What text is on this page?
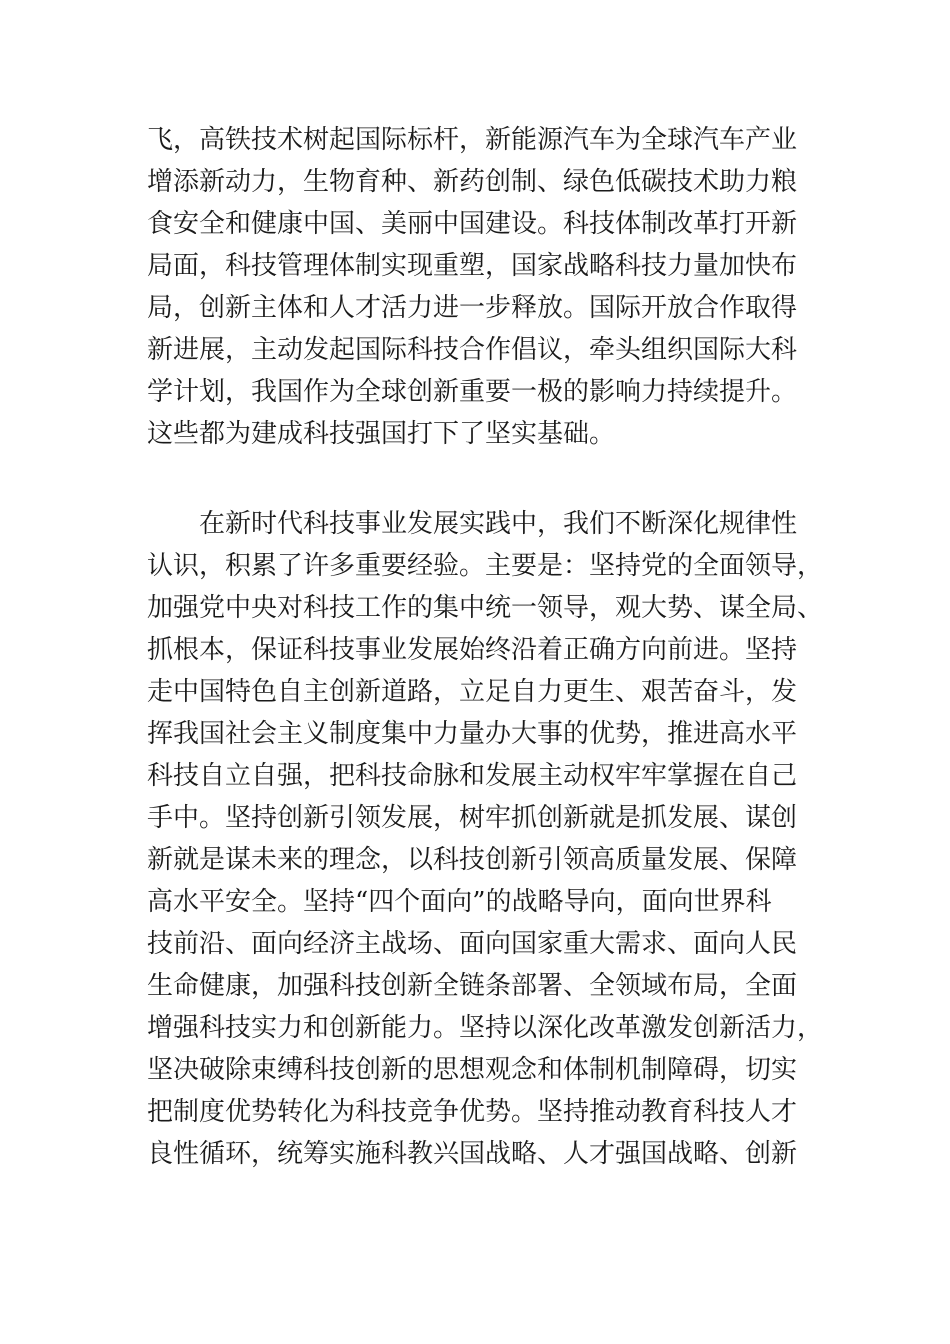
飞，高铁技术树起国际标杆，新能源汽车为全球汽车产业
增添新动力，生物育种、新药创制、绿色低碳技术助力粮
食安全和健康中国、美丽中国建设。科技体制改革打开新
局面，科技管理体制实现重塑，国家战略科技力量加快布
局，创新主体和人才活力进一步释放。国际开放合作取得
新进展，主动发起国际科技合作倡议，牵头组织国际大科
学计划，我国作为全球创新重要一极的影响力持续提升。
这些都为建成科技强国打下了坚实基础。
在新时代科技事业发展实践中，我们不断深化规律性
认识，积累了许多重要经验。主要是：坚持党的全面领导，
加强党中央对科技工作的集中统一领导，观大势、谋全局、
抓根本，保证科技事业发展始终沿着正确方向前进。坚持
走中国特色自主创新道路，立足自力更生、艰苦奋斗，发
挥我国社会主义制度集中力量办大事的优势，推进高水平
科技自立自强，把科技命脉和发展主动权牢牢掌握在自己
手中。坚持创新引领发展，树牢抓创新就是抓发展、谋创
新就是谋未来的理念，以科技创新引领高质量发展、保障
高水平安全。坚持“四个面向”的战略导向，面向世界科
技前沿、面向经济主战场、面向国家重大需求、面向人民
生命健康，加强科技创新全链条部署、全领域布局，全面
增强科技实力和创新能力。坚持以深化改革激发创新活力，
坚决破除束缚科技创新的思想观念和体制机制障碍，切实
把制度优势转化为科技竞争优势。坚持推动教育科技人才
良性循环，统筹实施科教兴国战略、人才强国战略、创新
